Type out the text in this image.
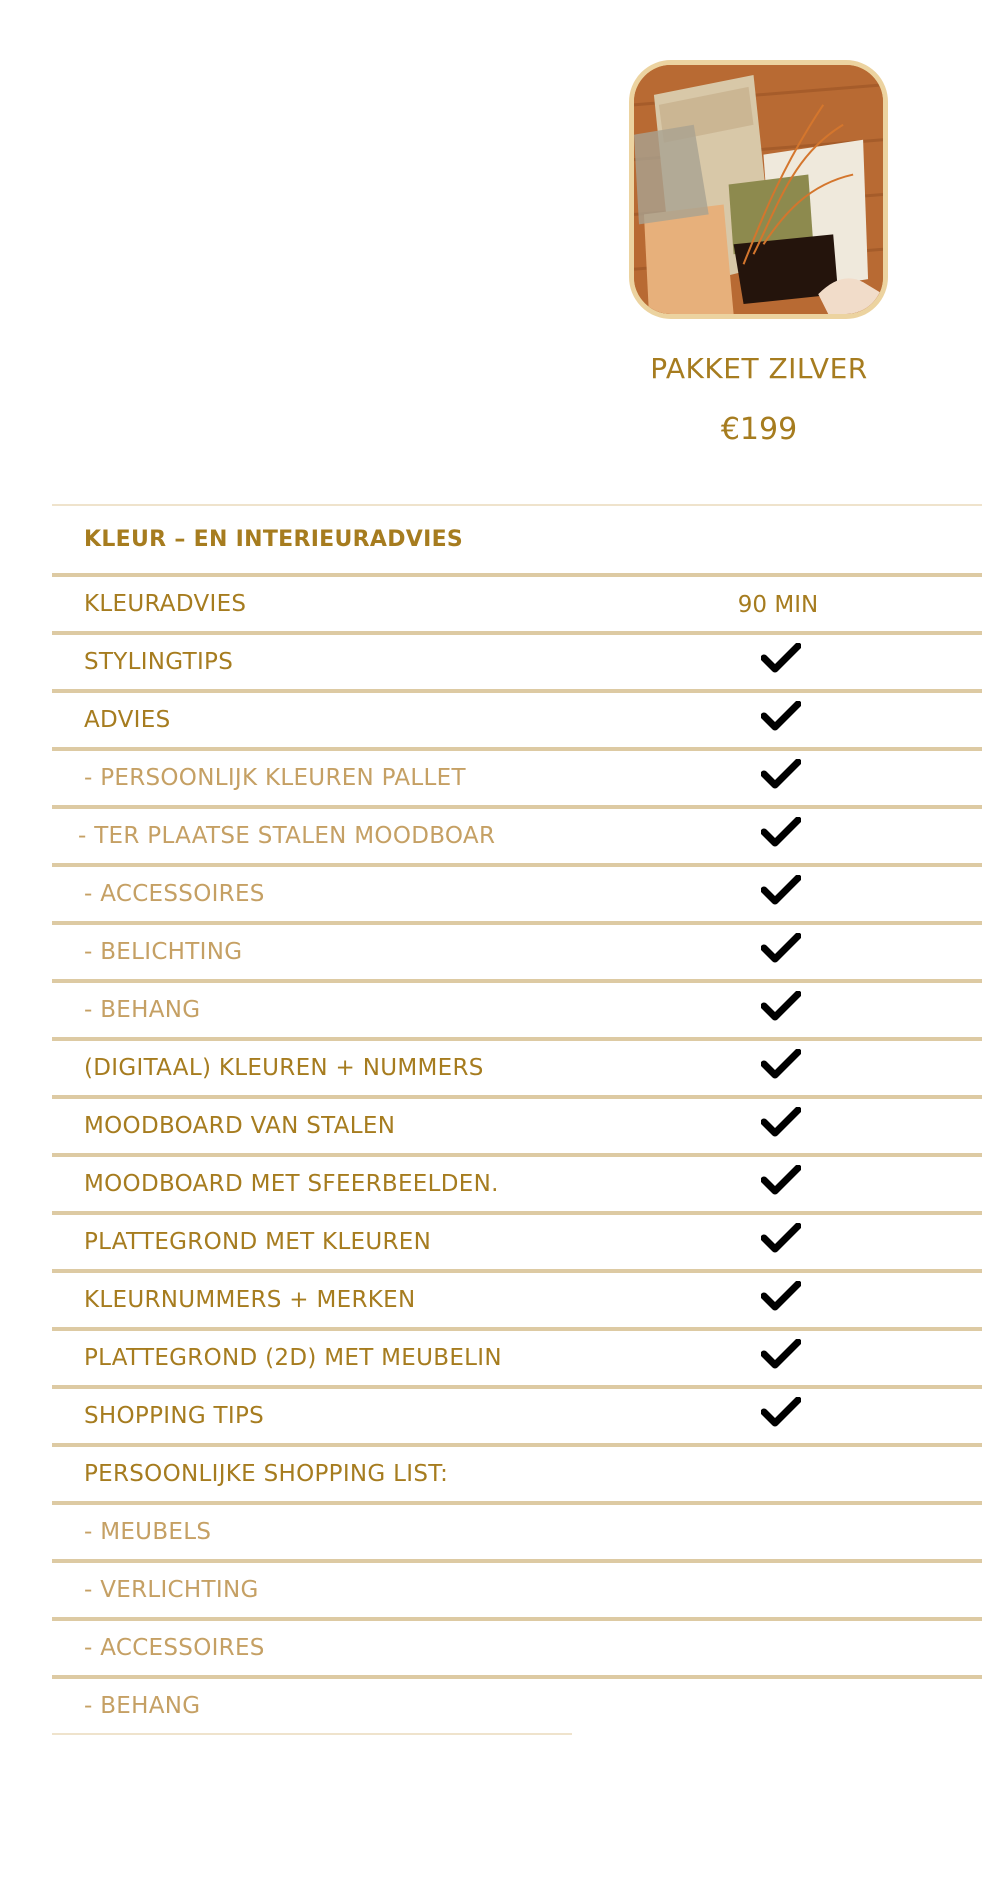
PAKKET ZILVER
€199
KLEUR – EN INTERIEURADVIES
KLEURADVIES	90 MIN
STYLINGTIPS
ADVIES
- PERSOONLIJK KLEUREN PALLET
- TER PLAATSE STALEN MOODBOAR
- ACCESSOIRES
- BELICHTING
- BEHANG
(DIGITAAL) KLEUREN + NUMMERS
MOODBOARD VAN STALEN
MOODBOARD MET SFEERBEELDEN.
PLATTEGROND MET KLEUREN
KLEURNUMMERS + MERKEN
PLATTEGROND (2D) MET MEUBELIN
SHOPPING TIPS
PERSOONLIJKE SHOPPING LIST:
- MEUBELS
- VERLICHTING
- ACCESSOIRES
- BEHANG
